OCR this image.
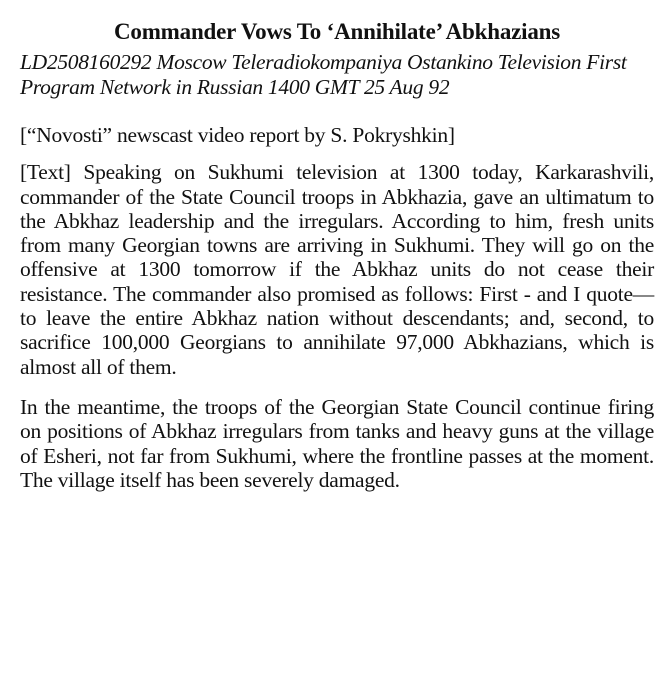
Commander Vows To ‘Annihilate’ Abkhazians
LD2508160292 Moscow Teleradiokompaniya Ostankino Television First Program Network in Russian 1400 GMT 25 Aug 92
[“Novosti” newscast video report by S. Pokryshkin]
[Text] Speaking on Sukhumi television at 1300 today, Karkarashvili, commander of the State Council troops in Abkhazia, gave an ultimatum to the Abkhaz leadership and the irregulars. According to him, fresh units from many Georgian towns are arriving in Sukhumi. They will go on the offensive at 1300 tomorrow if the Abkhaz units do not cease their resistance. The commander also promised as follows: First - and I quote—to leave the entire Abkhaz nation without descendants; and, second, to sacrifice 100,000 Georgians to annihilate 97,000 Abkhazians, which is almost all of them.
In the meantime, the troops of the Georgian State Council continue firing on positions of Abkhaz irregulars from tanks and heavy guns at the village of Esheri, not far from Sukhumi, where the frontline passes at the moment. The village itself has been severely damaged.
